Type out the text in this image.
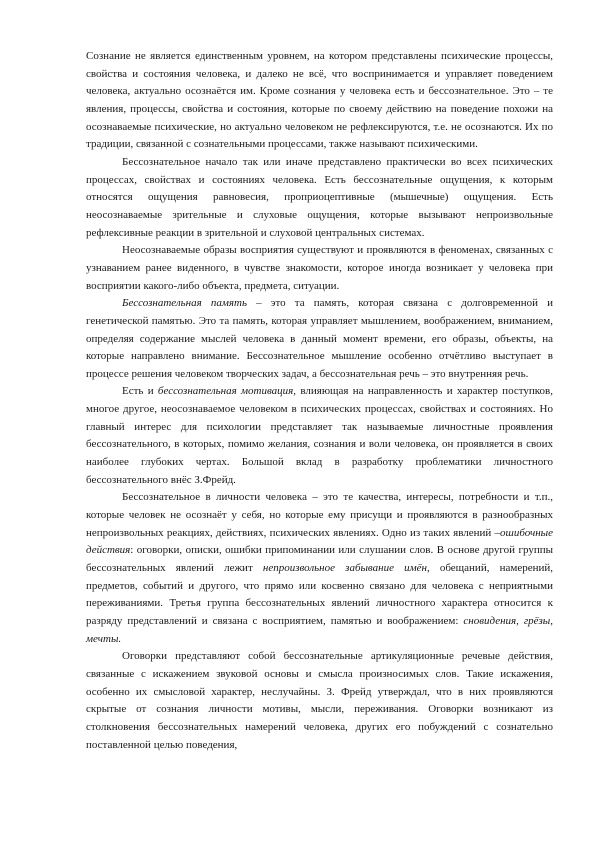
Сознание не является единственным уровнем, на котором представлены психические процессы, свойства и состояния человека, и далеко не всё, что воспринимается и управляет поведением человека, актуально осознаётся им. Кроме сознания у человека есть и бессознательное. Это – те явления, процессы, свойства и состояния, которые по своему действию на поведение похожи на осознаваемые психические, но актуально человеком не рефлексируются, т.е. не осознаются. Их по традиции, связанной с сознательными процессами, также называют психическими.

Бессознательное начало так или иначе представлено практически во всех психических процессах, свойствах и состояниях человека. Есть бессознательные ощущения, к которым относятся ощущения равновесия, проприоцептивные (мышечные) ощущения. Есть неосознаваемые зрительные и слуховые ощущения, которые вызывают непроизвольные рефлексивные реакции в зрительной и слуховой центральных системах.

Неосознаваемые образы восприятия существуют и проявляются в феноменах, связанных с узнаванием ранее виденного, в чувстве знакомости, которое иногда возникает у человека при восприятии какого-либо объекта, предмета, ситуации.

Бессознательная память – это та память, которая связана с долговременной и генетической памятью. Это та память, которая управляет мышлением, воображением, вниманием, определяя содержание мыслей человека в данный момент времени, его образы, объекты, на которые направлено внимание. Бессознательное мышление особенно отчётливо выступает в процессе решения человеком творческих задач, а бессознательная речь – это внутренняя речь.

Есть и бессознательная мотивация, влияющая на направленность и характер поступков, многое другое, неосознаваемое человеком в психических процессах, свойствах и состояниях. Но главный интерес для психологии представляет так называемые личностные проявления бессознательного, в которых, помимо желания, сознания и воли человека, он проявляется в своих наиболее глубоких чертах. Большой вклад в разработку проблематики личностного бессознательного внёс З.Фрейд.

Бессознательное в личности человека – это те качества, интересы, потребности и т.п., которые человек не осознаёт у себя, но которые ему присущи и проявляются в разнообразных непроизвольных реакциях, действиях, психических явлениях. Одно из таких явлений –ошибочные действия: оговорки, описки, ошибки припоминании или слушании слов. В основе другой группы бессознательных явлений лежит непроизвольное забывание имён, обещаний, намерений, предметов, событий и другого, что прямо или косвенно связано для человека с неприятными переживаниями. Третья группа бессознательных явлений личностного характера относится к разряду представлений и связана с восприятием, памятью и воображением: сновидения, грёзы, мечты.

Оговорки представляют собой бессознательные артикуляционные речевые действия, связанные с искажением звуковой основы и смысла произносимых слов. Такие искажения, особенно их смысловой характер, неслучайны. З. Фрейд утверждал, что в них проявляются скрытые от сознания личности мотивы, мысли, переживания. Оговорки возникают из столкновения бессознательных намерений человека, других его побуждений с сознательно поставленной целью поведения,
